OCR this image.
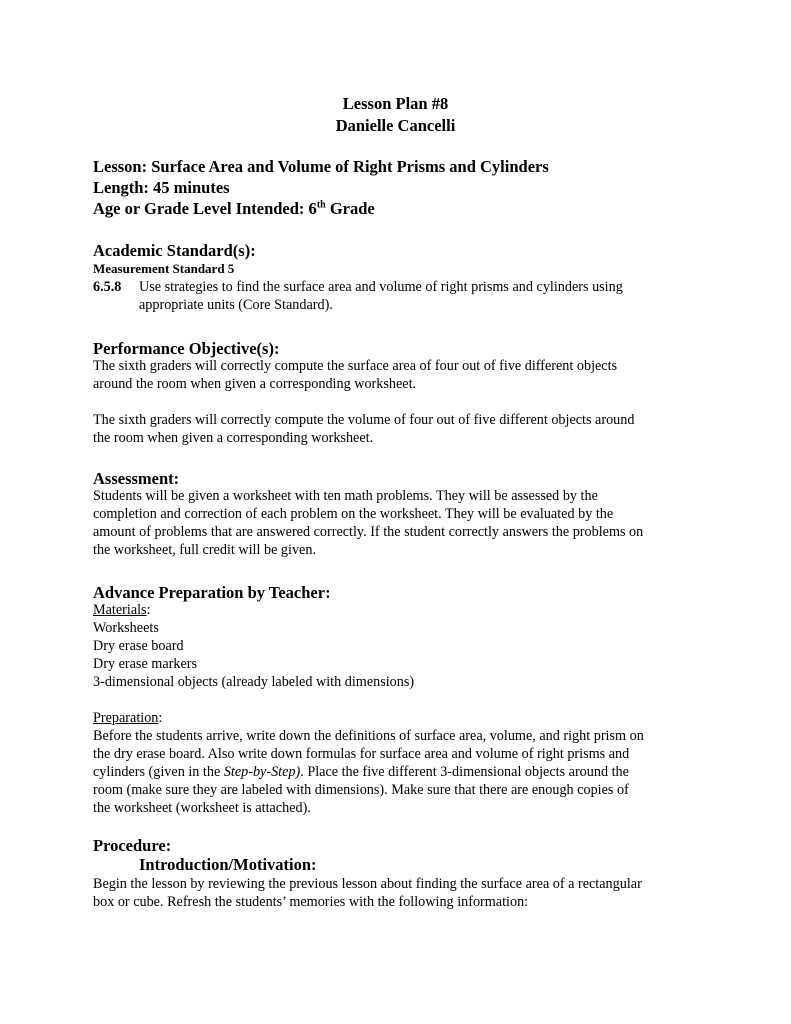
Lesson Plan #8
Danielle Cancelli
Lesson: Surface Area and Volume of Right Prisms and Cylinders
Length: 45 minutes
Age or Grade Level Intended: 6th Grade
Academic Standard(s):
Measurement Standard 5
6.5.8 Use strategies to find the surface area and volume of right prisms and cylinders using
appropriate units (Core Standard).
Performance Objective(s):
The sixth graders will correctly compute the surface area of four out of five different objects
around the room when given a corresponding worksheet.
The sixth graders will correctly compute the volume of four out of five different objects around
the room when given a corresponding worksheet.
Assessment:
Students will be given a worksheet with ten math problems. They will be assessed by the
completion and correction of each problem on the worksheet. They will be evaluated by the
amount of problems that are answered correctly. If the student correctly answers the problems on
the worksheet, full credit will be given.
Advance Preparation by Teacher:
Materials:
Worksheets
Dry erase board
Dry erase markers
3-dimensional objects (already labeled with dimensions)
Preparation:
Before the students arrive, write down the definitions of surface area, volume, and right prism on
the dry erase board. Also write down formulas for surface area and volume of right prisms and
cylinders (given in the Step-by-Step). Place the five different 3-dimensional objects around the
room (make sure they are labeled with dimensions). Make sure that there are enough copies of
the worksheet (worksheet is attached).
Procedure:
Introduction/Motivation:
Begin the lesson by reviewing the previous lesson about finding the surface area of a rectangular
box or cube. Refresh the students’ memories with the following information:
